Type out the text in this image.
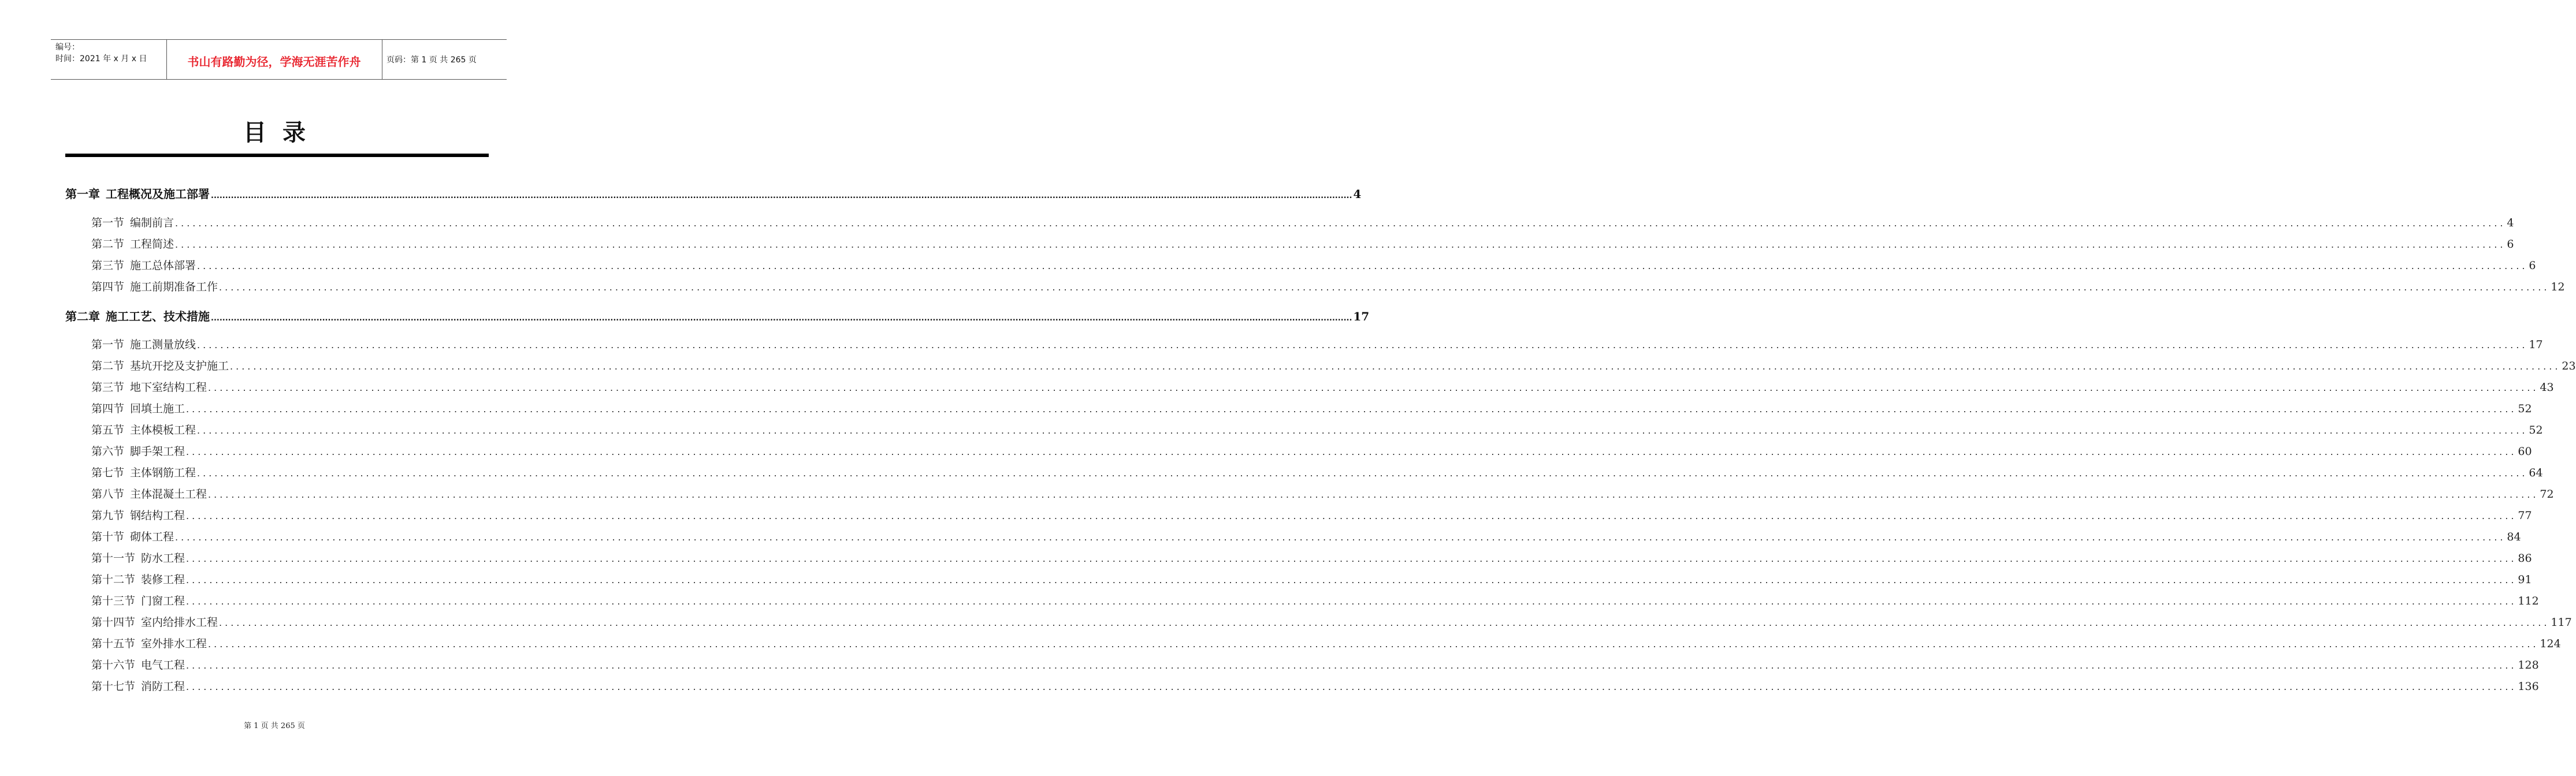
编号：
时间：2021 年 x 月 x 日	书山有路勤为径，学海无涯苦作舟	页码：第 1 页 共 265 页
目录
第一章 工程概况及施工部署 ................................................................................................................................................................................................................................................................................................................................................................................................................ 4
第一节 编制前言 ................................................................................................................................................................................................................................................................................................................................................................................................................ 4
第二节 工程简述 ................................................................................................................................................................................................................................................................................................................................................................................................................ 6
第三节 施工总体部署 ................................................................................................................................................................................................................................................................................................................................................................................................................ 6
第四节 施工前期准备工作 ................................................................................................................................................................................................................................................................................................................................................................................................................ 12
第二章 施工工艺、技术措施 ................................................................................................................................................................................................................................................................................................................................................................................................................ 17
第一节 施工测量放线 ................................................................................................................................................................................................................................................................................................................................................................................................................ 17
第二节 基坑开挖及支护施工 ................................................................................................................................................................................................................................................................................................................................................................................................................ 23
第三节 地下室结构工程 ................................................................................................................................................................................................................................................................................................................................................................................................................ 43
第四节 回填土施工 ................................................................................................................................................................................................................................................................................................................................................................................................................ 52
第五节 主体模板工程 ................................................................................................................................................................................................................................................................................................................................................................................................................ 52
第六节 脚手架工程 ................................................................................................................................................................................................................................................................................................................................................................................................................ 60
第七节 主体钢筋工程 ................................................................................................................................................................................................................................................................................................................................................................................................................ 64
第八节 主体混凝土工程 ................................................................................................................................................................................................................................................................................................................................................................................................................ 72
第九节 钢结构工程 ................................................................................................................................................................................................................................................................................................................................................................................................................ 77
第十节 砌体工程 ................................................................................................................................................................................................................................................................................................................................................................................................................ 84
第十一节 防水工程 ................................................................................................................................................................................................................................................................................................................................................................................................................ 86
第十二节 装修工程 ................................................................................................................................................................................................................................................................................................................................................................................................................ 91
第十三节 门窗工程 ................................................................................................................................................................................................................................................................................................................................................................................................................ 112
第十四节 室内给排水工程 ................................................................................................................................................................................................................................................................................................................................................................................................................ 117
第十五节 室外排水工程 ................................................................................................................................................................................................................................................................................................................................................................................................................ 124
第十六节 电气工程 ................................................................................................................................................................................................................................................................................................................................................................................................................ 128
第十七节 消防工程 ................................................................................................................................................................................................................................................................................................................................................................................................................ 136
第 1 页 共 265 页
